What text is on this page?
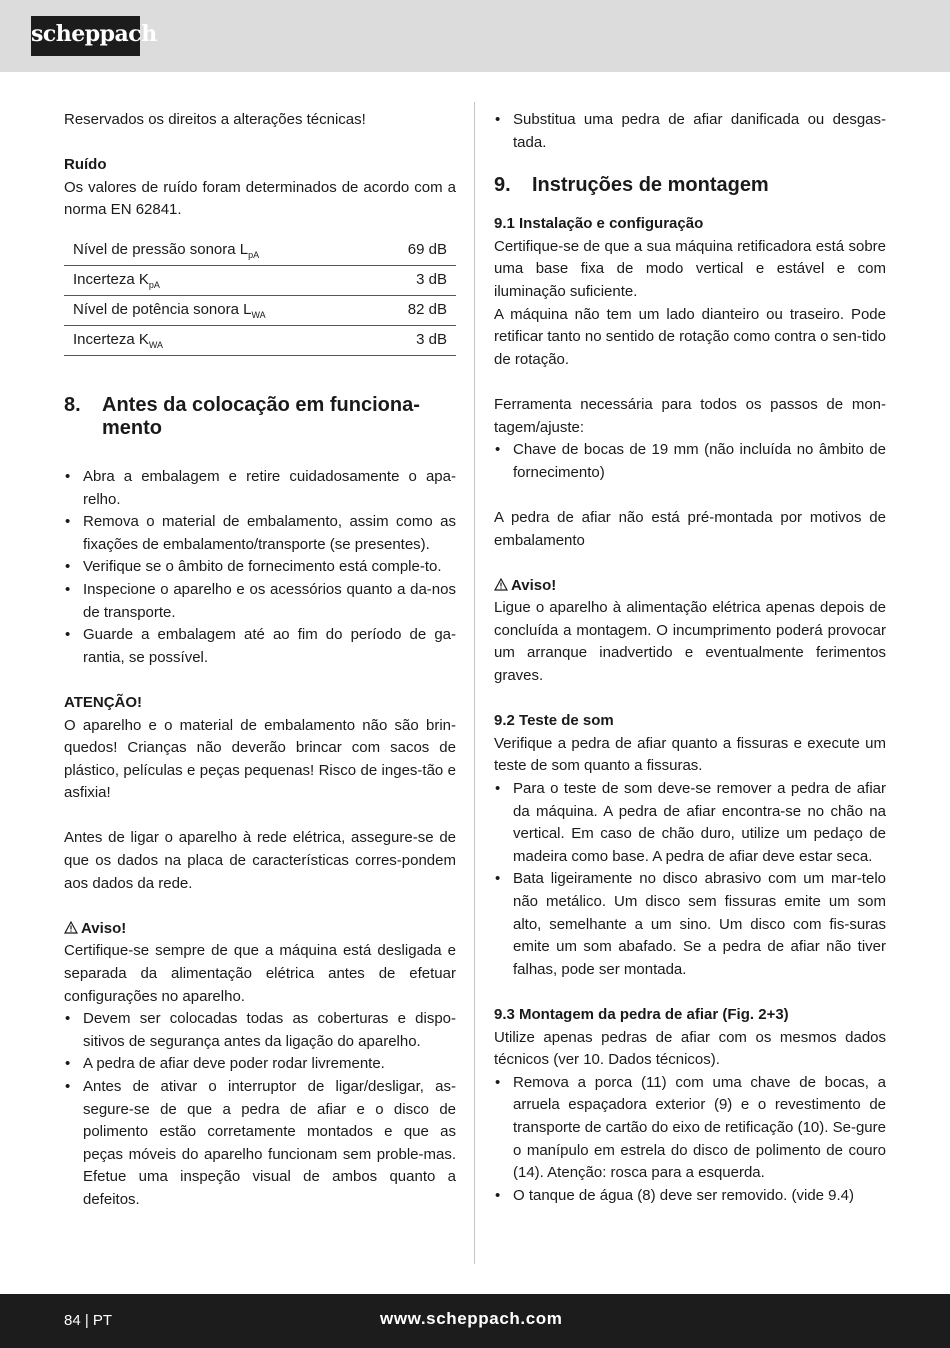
scheppach

Reservados os direitos a alterações técnicas!

Ruído

Os valores de ruído foram determinados de acordo com a norma EN 62841.

Nível de pressão sonora $L_{pA}$	69 dB
Incerteza $K_{pA}$	3 dB
Nível de potência sonora $L_{WA}$	82 dB
Incerteza $K_{WA}$	3 dB
8. Antes da colocação em funciona-mento
• Abra a embalagem e retire cuidadosamente o apa-relho.
• Remova o material de embalamento, assim como as fixações de embalamento/transporte (se presentes).
• Verifique se o âmbito de fornecimento está comple-to.
• Inspecione o aparelho e os acessórios quanto a da-nos de transporte.
• Guarde a embalagem até ao fim do período de ga-rantia, se possível.

ATENÇÃO!

O aparelho e o material de embalamento não são brin-quedos! Crianças não deverão brincar com sacos de plástico, películas e peças pequenas! Risco de inges-tão e asfixia!

Antes de ligar o aparelho à rede elétrica, assegure-se de que os dados na placa de características corres-pondem aos dados da rede.

Aviso!

Certifique-se sempre de que a máquina está desligada e separada da alimentação elétrica antes de efetuar configurações no aparelho.

• Devem ser colocadas todas as coberturas e dispo-sitivos de segurança antes da ligação do aparelho.
• A pedra de afiar deve poder rodar livremente.
• Antes de ativar o interruptor de ligar/desligar, as-segure-se de que a pedra de afiar e o disco de polimento estão corretamente montados e que as peças móveis do aparelho funcionam sem proble-mas. Efetue uma inspeção visual de ambos quanto a defeitos.
• Substitua uma pedra de afiar danificada ou desgas-tada.
9. Instruções de montagem

9.1 Instalação e configuração

Certifique-se de que a sua máquina retificadora está sobre uma base fixa de modo vertical e estável e com iluminação suficiente.

A máquina não tem um lado dianteiro ou traseiro. Pode retificar tanto no sentido de rotação como contra o sen-tido de rotação.

Ferramenta necessária para todos os passos de mon-tagem/ajuste:

• Chave de bocas de 19 mm (não incluída no âmbito de fornecimento)

A pedra de afiar não está pré-montada por motivos de embalamento

Aviso!

Ligue o aparelho à alimentação elétrica apenas depois de concluída a montagem. O incumprimento poderá provocar um arranque inadvertido e eventualmente ferimentos graves.

9.2 Teste de som

Verifique a pedra de afiar quanto a fissuras e execute um teste de som quanto a fissuras.

• Para o teste de som deve-se remover a pedra de afiar da máquina. A pedra de afiar encontra-se no chão na vertical. Em caso de chão duro, utilize um pedaço de madeira como base. A pedra de afiar deve estar seca.
• Bata ligeiramente no disco abrasivo com um mar-telo não metálico. Um disco sem fissuras emite um som alto, semelhante a um sino. Um disco com fis-suras emite um som abafado. Se a pedra de afiar não tiver falhas, pode ser montada.

9.3 Montagem da pedra de afiar (Fig. 2+3)

Utilize apenas pedras de afiar com os mesmos dados técnicos (ver 10. Dados técnicos).

• Remova a porca (11) com uma chave de bocas, a arruela espaçadora exterior (9) e o revestimento de transporte de cartão do eixo de retificação (10). Se-gure o manípulo em estrela do disco de polimento de couro (14). Atenção: rosca para a esquerda.
• O tanque de água (8) deve ser removido. (vide 9.4)
84 | PT	www.scheppach.com
